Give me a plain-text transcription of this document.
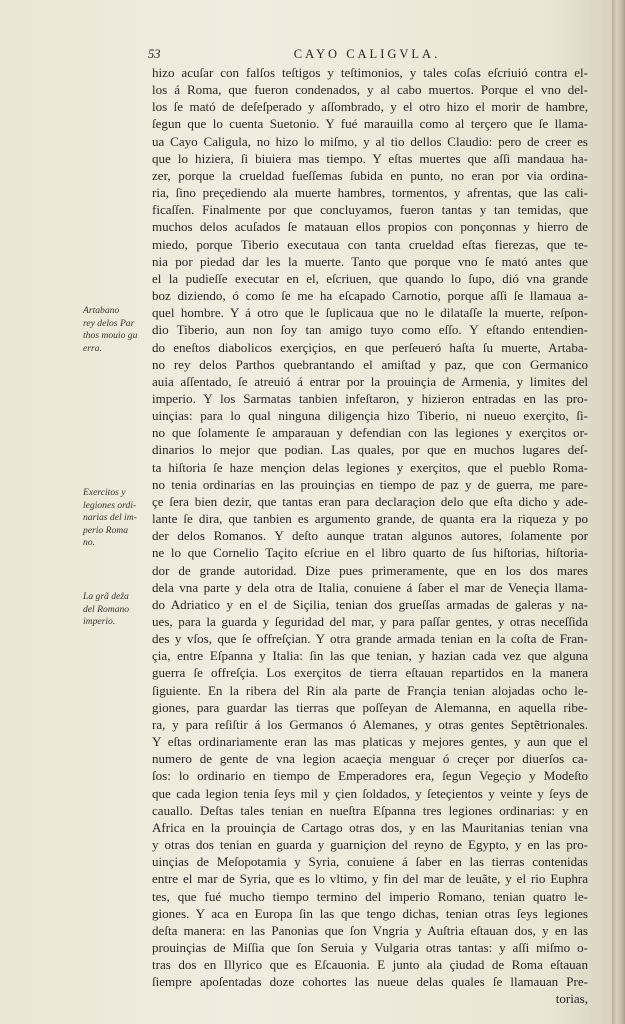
53	CAYO CALIGVLA.
Artabano
rey delos Par
thos mouio gu
erra.
Exercitos y
legiones ordi-
narias del im-
perio Roma
no.
La grã deẑa
del Romano
imperio.
hizo acuſar con falſos teſtigos y teſtimonios, y tales coſas eſcriuió contra el-
los á Roma, que fueron condenados, y al cabo muertos. Porque el vno del-
los ſe mató de deſeſperado y aſſombrado, y el otro hizo el morir de hambre,
ſegun que lo cuenta Suetonio. Y fué marauilla como al terçero que ſe llama-
ua Cayo Caligula, no hizo lo miſmo, y al tio dellos Claudio: pero de creer es
que lo hiziera, ſi biuiera mas tiempo. Y eſtas muertes que aſſi mandaua ha-
zer, porque la crueldad fueſſemas ſubida en punto, no eran por via ordina-
ria, ſino preçediendo ala muerte hambres, tormentos, y afrentas, que las cali-
ficaſſen. Finalmente por que concluyamos, fueron tantas y tan temidas, que
muchos delos acuſados ſe matauan ellos propios con ponçonnas y hierro de
miedo, porque Tiberio executaua con tanta crueldad eſtas fierezas, que te-
nia por piedad dar les la muerte. Tanto que porque vno ſe mató antes que
el la pudieſſe executar en el, eſcriuen, que quando lo ſupo, dió vna grande
boz diziendo, ó como ſe me ha eſcapado Carnotio, porque aſſi ſe llamaua a-
quel hombre. Y á otro que le ſuplicaua que no le dilataſſe la muerte, reſpon-
dio Tiberio, aun non ſoy tan amigo tuyo como eſſo. Y eſtando entendien-
do eneſtos diabolicos exerçiçios, en que perſeueró haſta ſu muerte, Artaba-
no rey delos Parthos quebrantando el amiſtad y paz, que con Germanico
auia aſſentado, ſe atreuió á entrar por la prouinçia de Armenia, y limites del
imperio. Y los Sarmatas tanbien infeſtaron, y hizieron entradas en las pro-
uinçias: para lo qual ninguna diligençia hizo Tiberio, ni nueuo exerçito, ſi-
no que ſolamente ſe amparauan y defendian con las legiones y exerçitos or-
dinarios lo mejor que podian. Las quales, por que en muchos lugares deſ-
ta hiſtoria ſe haze mençion delas legiones y exerçitos, que el pueblo Roma-
no tenia ordinarias en las prouinçias en tiempo de paz y de guerra, me pare-
çe ſera bien dezir, que tantas eran para declaraçion delo que eſta dicho y ade-
lante ſe dira, que tanbien es argumento grande, de quanta era la riqueza y po
der delos Romanos. Y deſto aunque tratan algunos autores, ſolamente por
ne lo que Cornelio Taçito eſcriue en el libro quarto de ſus hiſtorias, hiſtoria-
dor de grande autoridad. Dize pues primeramente, que en los dos mares
dela vna parte y dela otra de Italia, conuiene á ſaber el mar de Veneçia llama-
do Adriatico y en el de Siçilia, tenian dos grueſſas armadas de galeras y na-
ues, para la guarda y ſeguridad del mar, y para paſſar gentes, y otras neceſſida
des y vſos, que ſe offreſçian. Y otra grande armada tenian en la coſta de Fran-
çia, entre Eſpanna y Italia: ſin las que tenian, y hazian cada vez que alguna
guerra ſe offreſçia. Los exerçitos de tierra eſtauan repartidos en la manera
ſiguiente. En la ribera del Rin ala parte de Françia tenian alojadas ocho le-
giones, para guardar las tierras que poſſeyan de Alemanna, en aquella ribe-
ra, y para reſiſtir á los Germanos ó Alemanes, y otras gentes Septẽtrionales.
Y eſtas ordinariamente eran las mas platicas y mejores gentes, y aun que el
numero de gente de vna legion acaeçia menguar ó creçer por diuerſos ca-
ſos: lo ordinario en tiempo de Emperadores era, ſegun Vegeçio y Modeſto
que cada legion tenia ſeys mil y çien ſoldados, y ſeteçientos y veinte y ſeys de
cauallo. Deſtas tales tenian en nueſtra Eſpanna tres legiones ordinarias: y en
Africa en la prouinçia de Cartago otras dos, y en las Mauritanias tenian vna
y otras dos tenian en guarda y guarniçion del reyno de Egypto, y en las pro-
uinçias de Meſopotamia y Syria, conuiene á ſaber en las tierras contenidas
entre el mar de Syria, que es lo vltimo, y fin del mar de leuãte, y el rio Euphra
tes, que fué mucho tiempo termino del imperio Romano, tenian quatro le-
giones. Y aca en Europa ſin las que tengo dichas, tenian otras ſeys legiones
deſta manera: en las Panonias que ſon Vngria y Auſtria eſtauan dos, y en las
prouinçias de Miſſia que ſon Seruia y Vulgaria otras tantas: y aſſi miſmo o-
tras dos en Illyrico que es Eſcauonia. E junto ala çiudad de Roma eſtauan
ſiempre apoſentadas doze cohortes las nueue delas quales ſe llamauan Pre-
torias,
